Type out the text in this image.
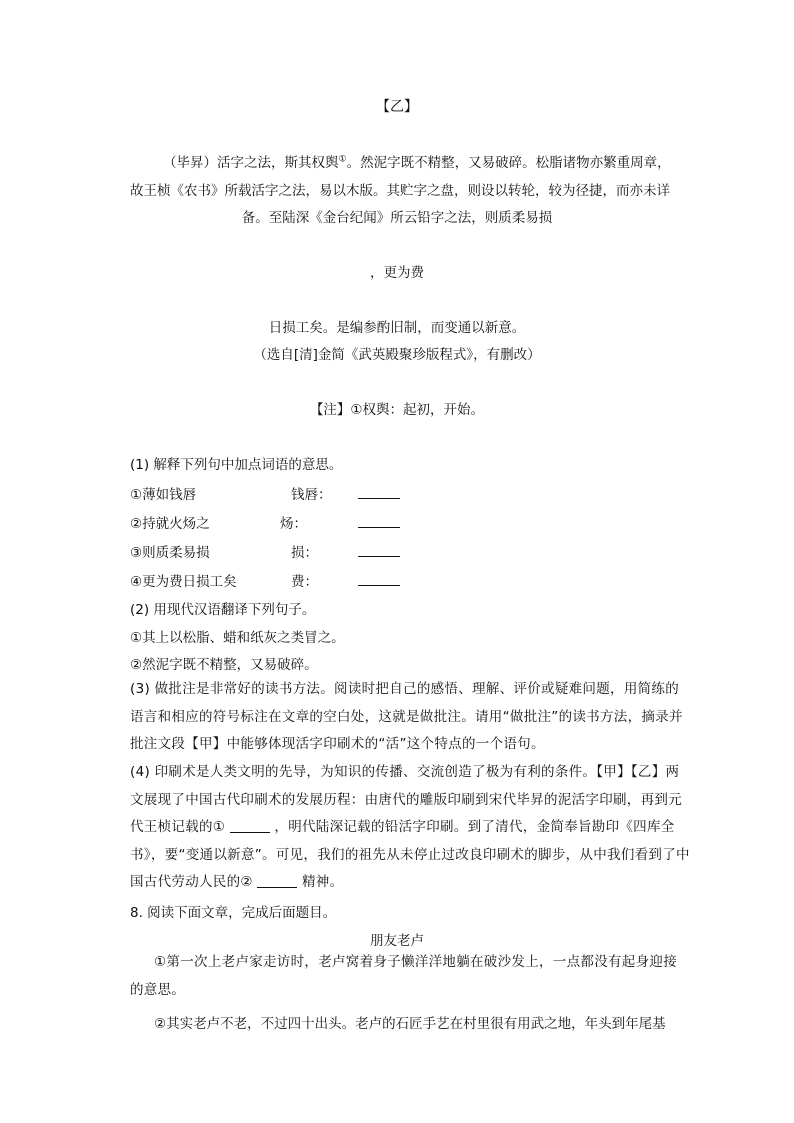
【乙】
（毕昇）活字之法，斯其权舆①。然泥字既不精整，又易破碎。松脂诸物亦繁重周章，
故王桢《农书》所载活字之法，易以木版。其贮字之盘，则设以转轮，较为径捷，而亦未详
备。至陆深《金台纪闻》所云铅字之法，则质柔易损
，更为费
日损工矣。是编参酌旧制，而变通以新意。
（选自[清]金简《武英殿聚珍版程式》，有删改）
【注】①权舆：起初，开始。
(1) 解释下列句中加点词语的意思。
①薄如钱唇	钱唇：
②持就火炀之	炀：
③则质柔易损	损：
④更为费日损工矣	费：
(2) 用现代汉语翻译下列句子。
①其上以松脂、蜡和纸灰之类冒之。
②然泥字既不精整，又易破碎。
(3) 做批注是非常好的读书方法。阅读时把自己的感悟、理解、评价或疑难问题，用简练的语言和相应的符号标注在文章的空白处，这就是做批注。请用“做批注”的读书方法，摘录并批注文段【甲】中能够体现活字印刷术的“活”这个特点的一个语句。
(4) 印刷术是人类文明的先导，为知识的传播、交流创造了极为有利的条件。【甲】【乙】两文展现了中国古代印刷术的发展历程：由唐代的雕版印刷到宋代毕昇的泥活字印刷，再到元代王桢记载的①	，明代陆深记载的铅活字印刷。到了清代，金简奉旨勘印《四库全书》，要“变通以新意”。可见，我们的祖先从未停止过改良印刷术的脚步，从中我们看到了中国古代劳动人民的②	精神。
8. 阅读下面文章，完成后面题目。
朋友老卢
①第一次上老卢家走访时，老卢窝着身子懒洋洋地躺在破沙发上，一点都没有起身迎接的意思。
②其实老卢不老，不过四十出头。老卢的石匠手艺在村里很有用武之地，年头到年尾基
